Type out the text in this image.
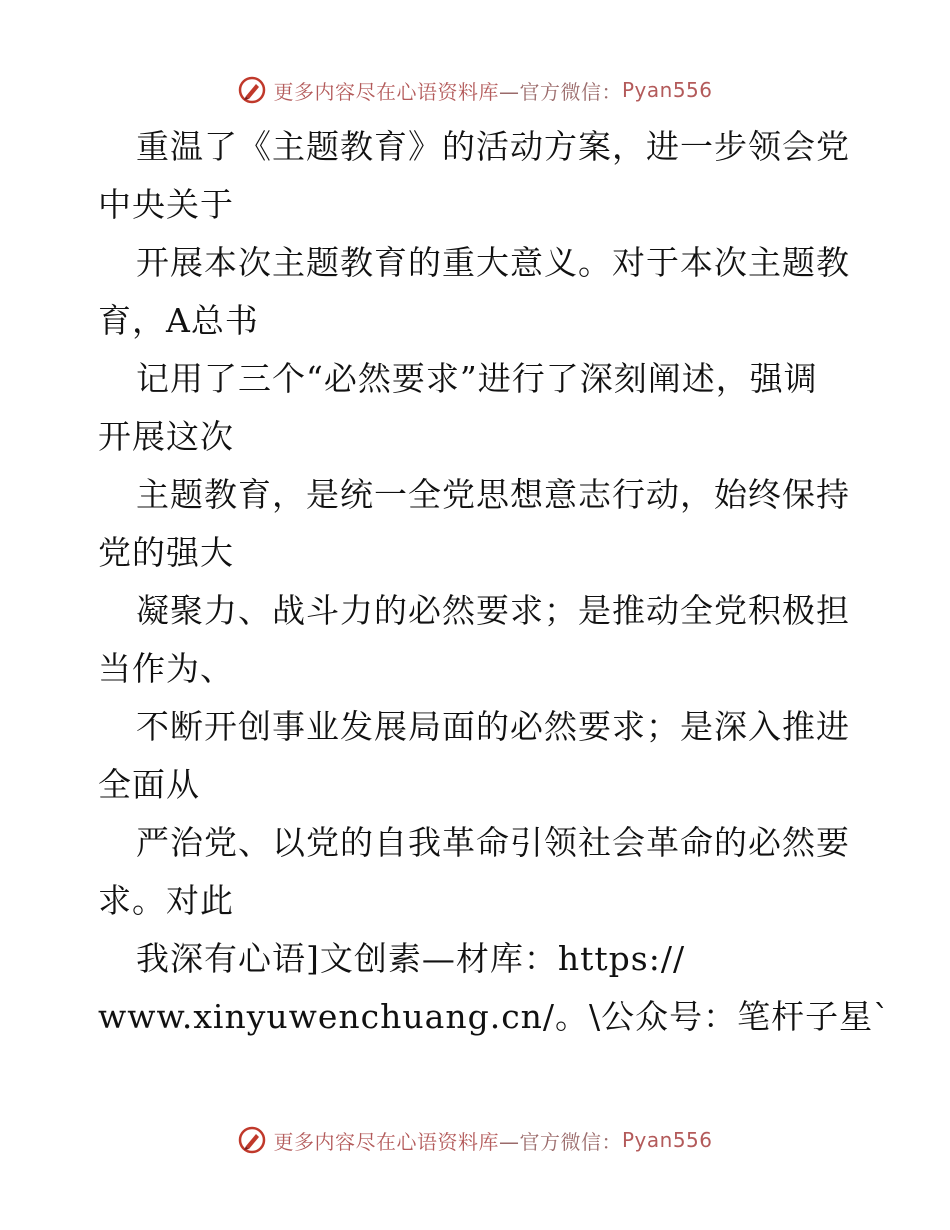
更多内容尽在心语资料库 —官方微信： Pyan556

重温了《主题教育》的活动方案，进一步领会党
中央关于

开展本次主题教育的重大意义。对于本次主题教
育，A总书

记用了三个“必然要求”进行了深刻阐述，强调
开展这次

主题教育，是统一全党思想意志行动，始终保持
党的强大

凝聚力、战斗力的必然要求；是推动全党积极担
当作为、

不断开创事业发展局面的必然要求；是深入推进
全面从

严治党、以党的自我革命引领社会革命的必然要
求。对此

我深有心语]文创素—材库：https://
www.xinyuwenchuang.cn/。\公众号：笔杆子星`

更多内容尽在心语资料库 —官方微信： Pyan556
